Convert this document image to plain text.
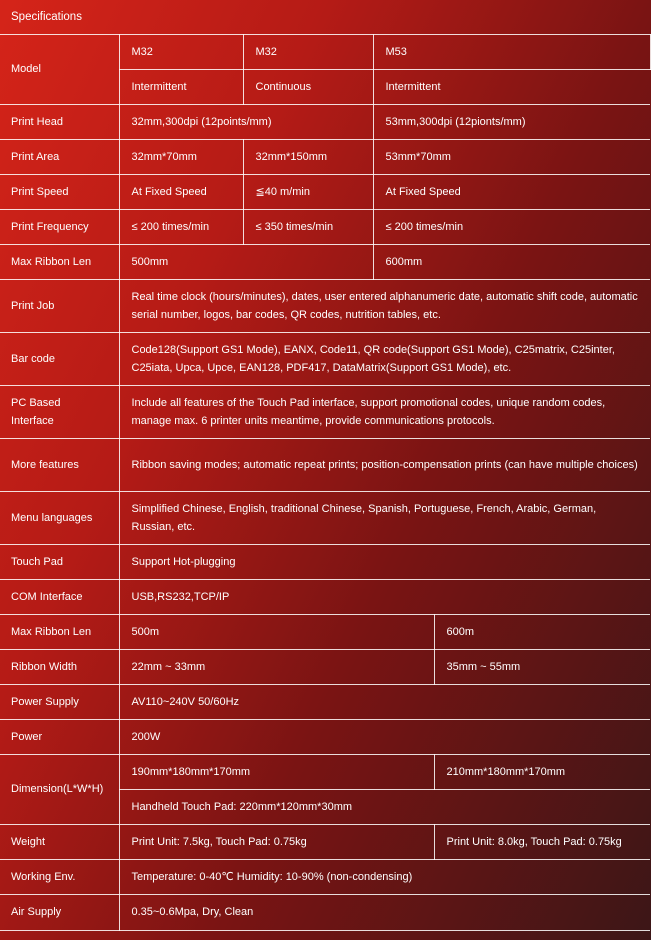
Specifications
Model	M32	M32	M53
	Intermittent	Continuous	Intermittent	
Print Head	32mm,300dpi (12points/mm)		53mm,300dpi (12pionts/mm)	
Print Area	32mm*70mm	32mm*150mm	53mm*70mm	
Print Speed	At Fixed Speed	≦40 m/min	At Fixed Speed	
Print Frequency	≤ 200 times/min	≤ 350 times/min	≤ 200 times/min	
Max Ribbon Len	500mm		600mm	
Print Job	Real time clock (hours/minutes), dates, user entered alphanumeric date, automatic shift code, automatic serial number, logos, bar codes, QR codes, nutrition tables, etc.			
Bar code	Code128(Support GS1 Mode), EANX, Code11, QR code(Support GS1 Mode), C25matrix, C25inter, C25iata, Upca, Upce, EAN128, PDF417, DataMatrix(Support GS1 Mode), etc.			
PC Based Interface	Include all features of the Touch Pad interface, support promotional codes, unique random codes, manage max. 6 printer units meantime, provide communications protocols.			
More features	Ribbon saving modes; automatic repeat prints; position-compensation prints (can have multiple choices)			
Menu languages	Simplified Chinese, English, traditional Chinese, Spanish, Portuguese, French, Arabic, German, Russian, etc.			
Touch Pad	Support Hot-plugging			
COM Interface	USB,RS232,TCP/IP			
Max Ribbon Len	500m			600m
Ribbon Width	22mm ~ 33mm			35mm ~ 55mm
Power Supply	AV110~240V 50/60Hz			
Power	200W			
Dimension(L*W*H)	190mm*180mm*170mm			210mm*180mm*170mm
	Handheld Touch Pad: 220mm*120mm*30mm			
Weight	Print Unit: 7.5kg, Touch Pad: 0.75kg			Print Unit: 8.0kg, Touch Pad: 0.75kg
Working Env.	Temperature: 0-40℃ Humidity: 10-90% (non-condensing)			
Air Supply	0.35~0.6Mpa, Dry, Clean			
